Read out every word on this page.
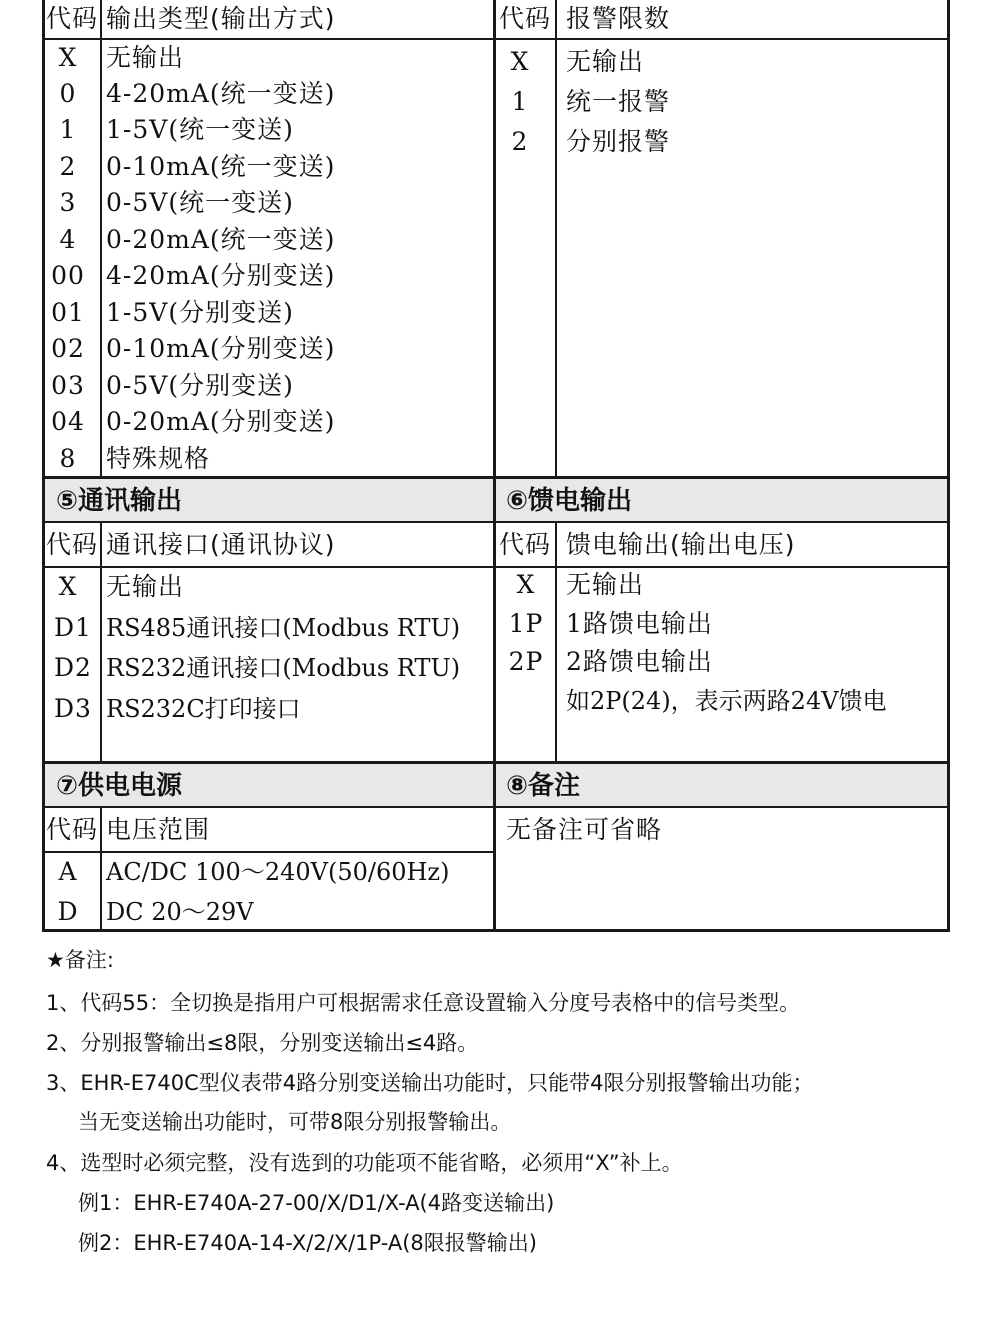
代码 输出类型(输出方式)
X	无输出
0	4-20mA(统一变送)
1	1-5V(统一变送)
2	0-10mA(统一变送)
3	0-5V(统一变送)
4	0-20mA(统一变送)
00 4-20mA(分别变送)
01 1-5V(分别变送)
02 0-10mA(分别变送)
03 0-5V(分别变送)
04 0-20mA(分别变送)
8	特殊规格
代码 报警限数
X	无输出
1	统一报警
2	分别报警
⑤通讯输出	⑥馈电输出
⑦供电电源	⑧备注
代码 通讯接口(通讯协议)
X	无输出
D1 RS485通讯接口(Modbus RTU)
D2 RS232通讯接口(Modbus RTU)
D3 RS232C打印接口
代码 馈电输出(输出电压)
X	无输出
1P 1路馈电输出
2P 2路馈电输出
如2P(24)，表示两路24V馈电
代码 电压范围
A	AC/DC 100～240V(50/60Hz)
D	DC 20～29V
无备注可省略
★备注:
1、代码55：全切换是指用户可根据需求任意设置输入分度号表格中的信号类型。
2、分别报警输出≤8限，分别变送输出≤4路。
3、EHR-E740C型仪表带4路分别变送输出功能时，只能带4限分别报警输出功能；
当无变送输出功能时，可带8限分别报警输出。
4、选型时必须完整，没有选到的功能项不能省略，必须用“X”补上。
例1：EHR-E740A-27-00/X/D1/X-A(4路变送输出)
例2：EHR-E740A-14-X/2/X/1P-A(8限报警输出)
